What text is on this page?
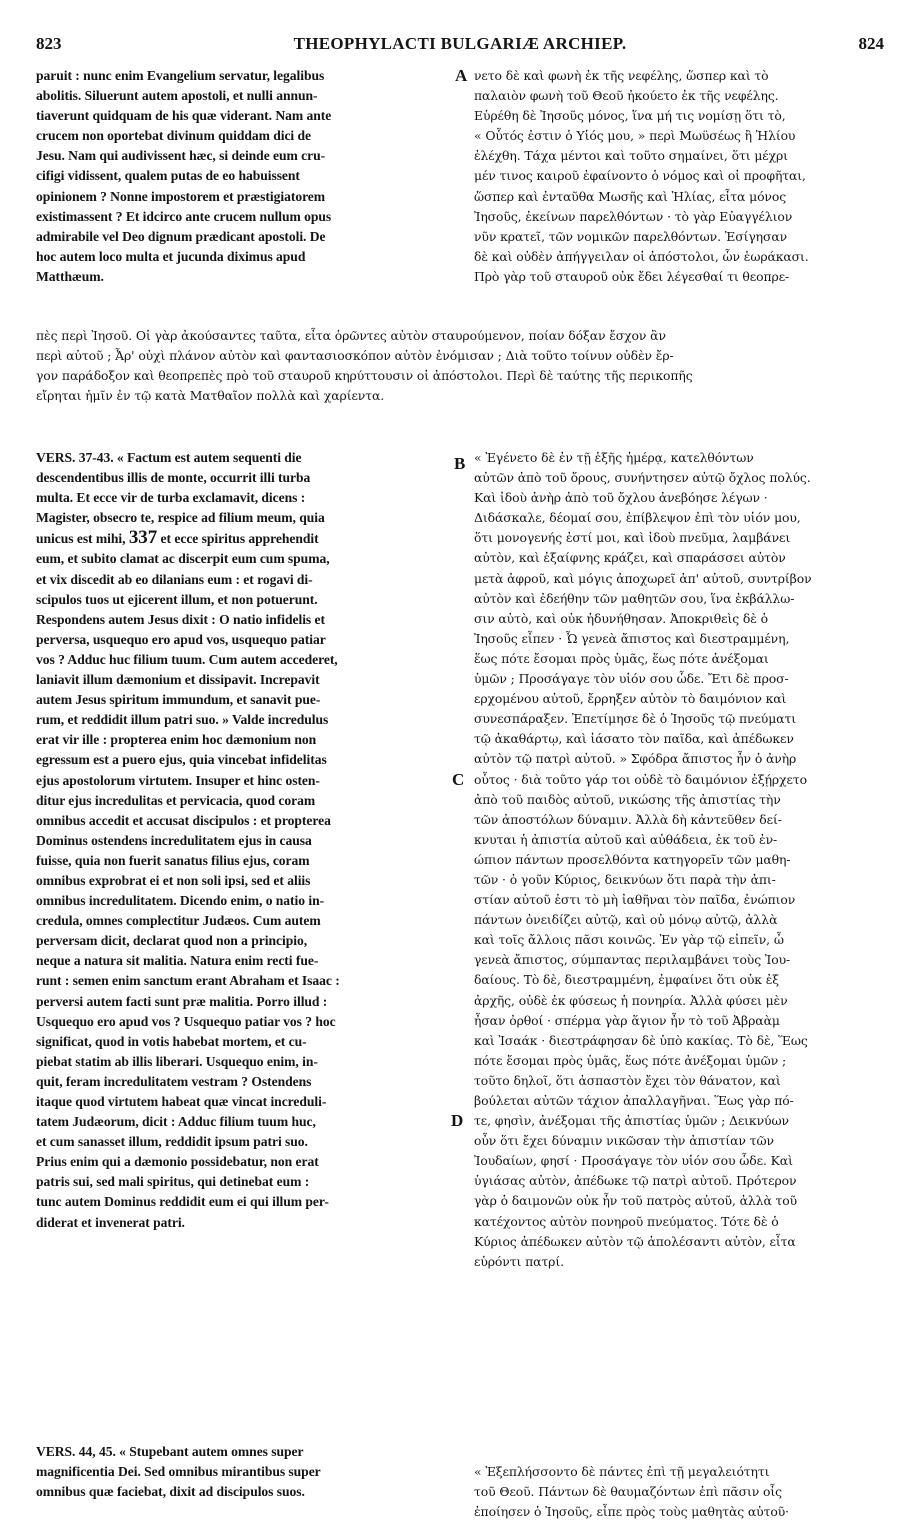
823	THEOPHYLACTI BULGARIÆ ARCHIEP.	824
A
B
C
D
paruit : nunc enim Evangelium servatur, legalibus
abolitis. Siluerunt autem apostoli, et nulli annun-
tiaverunt quidquam de his quæ viderant. Nam ante
crucem non oportebat divinum quiddam dici de
Jesu. Nam qui audivissent hæc, si deinde eum cru-
cifigi vidissent, qualem putas de eo habuissent
opinionem ? Nonne impostorem et præstigiatorem
existimassent ? Et idcirco ante crucem nullum opus
admirabile vel Deo dignum prædicant apostoli. De
hoc autem loco multa et jucunda diximus apud
Matthæum.
νετο δὲ καὶ φωνὴ ἐκ τῆς νεφέλης, ὥσπερ καὶ τὸ
παλαιὸν φωνὴ τοῦ Θεοῦ ἠκούετο ἐκ τῆς νεφέλης.
Εὑρέθη δὲ Ἰησοῦς μόνος, ἵνα μή τις νομίσῃ ὅτι τὸ,
« Οὗτός ἐστιν ὁ Υἱός μου, » περὶ Μωϋσέως ἢ Ἠλίου
ἐλέχθη. Τάχα μέντοι καὶ τοῦτο σημαίνει, ὅτι μέχρι
μέν τινος καιροῦ ἐφαίνοντο ὁ νόμος καὶ οἱ προφῆται,
ὥσπερ καὶ ἐνταῦθα Μωσῆς καὶ Ἠλίας, εἶτα μόνος
Ἰησοῦς, ἐκείνων παρελθόντων · τὸ γὰρ Εὐαγγέλιον
νῦν κρατεῖ, τῶν νομικῶν παρελθόντων. Ἐσίγησαν
δὲ καὶ οὐδὲν ἀπήγγειλαν οἱ ἀπόστολοι, ὧν ἑωράκασι.
Πρὸ γὰρ τοῦ σταυροῦ οὐκ ἔδει λέγεσθαί τι θεοπρε-
πὲς περὶ Ἰησοῦ. Οἱ γὰρ ἀκούσαντες ταῦτα, εἶτα ὁρῶντες αὐτὸν σταυρούμενον, ποίαν δόξαν ἔσχον ἂν
περὶ αὐτοῦ ; Ἆρ' οὐχὶ πλάνον αὐτὸν καὶ φαντασιοσκόπον αὐτὸν ἐνόμισαν ; Διὰ τοῦτο τοίνυν οὐδὲν ἔρ-
γον παράδοξον καὶ θεοπρεπὲς πρὸ τοῦ σταυροῦ κηρύττουσιν οἱ ἀπόστολοι. Περὶ δὲ ταύτης τῆς περικοπῆς
εἴρηται ἡμῖν ἐν τῷ κατὰ Ματθαῖον πολλὰ καὶ χαρίεντα.
VERS. 37-43. « Factum est autem sequenti die
descendentibus illis de monte, occurrit illi turba
multa. Et ecce vir de turba exclamavit, dicens :
Magister, obsecro te, respice ad filium meum, quia
unicus est mihi, 337 et ecce spiritus apprehendit
eum, et subito clamat ac discerpit eum cum spuma,
et vix discedit ab eo dilanians eum : et rogavi di-
scipulos tuos ut ejicerent illum, et non potuerunt.
Respondens autem Jesus dixit : O natio infidelis et
perversa, usquequo ero apud vos, usquequo patiar
vos ? Adduc huc filium tuum. Cum autem accederet,
laniavit illum dæmonium et dissipavit. Increpavit
autem Jesus spiritum immundum, et sanavit pue-
rum, et reddidit illum patri suo. » Valde incredulus
erat vir ille : propterea enim hoc dæmonium non
egressum est a puero ejus, quia vincebat infidelitas
ejus apostolorum virtutem. Insuper et hinc osten-
ditur ejus incredulitas et pervicacia, quod coram
omnibus accedit et accusat discipulos : et propterea
Dominus ostendens incredulitatem ejus in causa
fuisse, quia non fuerit sanatus filius ejus, coram
omnibus exprobrat ei et non soli ipsi, sed et aliis
omnibus incredulitatem. Dicendo enim, o natio in-
credula, omnes complectitur Judæos. Cum autem
perversam dicit, declarat quod non a principio,
neque a natura sit malitia. Natura enim recti fue-
runt : semen enim sanctum erant Abraham et Isaac :
perversi autem facti sunt præ malitia. Porro illud :
Usquequo ero apud vos ? Usquequo patiar vos ? hoc
significat, quod in votis habebat mortem, et cu-
piebat statim ab illis liberari. Usquequo enim, in-
quit, feram incredulitatem vestram ? Ostendens
itaque quod virtutem habeat quæ vincat increduli-
tatem Judæorum, dicit : Adduc filium tuum huc,
et cum sanasset illum, reddidit ipsum patri suo.
Prius enim qui a dæmonio possidebatur, non erat
patris sui, sed mali spiritus, qui detinebat eum :
tunc autem Dominus reddidit eum ei qui illum per-
diderat et invenerat patri.
« Ἐγένετο δὲ ἐν τῇ ἑξῆς ἡμέρᾳ, κατελθόντων
αὐτῶν ἀπὸ τοῦ ὄρους, συνήντησεν αὐτῷ ὄχλος πολύς.
Καὶ ἰδοὺ ἀνὴρ ἀπὸ τοῦ ὄχλου ἀνεβόησε λέγων ·
Διδάσκαλε, δέομαί σου, ἐπίβλεψον ἐπὶ τὸν υἱόν μου,
ὅτι μονογενής ἐστί μοι, καὶ ἰδοὺ πνεῦμα, λαμβάνει
αὐτὸν, καὶ ἐξαίφνης κράζει, καὶ σπαράσσει αὐτὸν
μετὰ ἀφροῦ, καὶ μόγις ἀποχωρεῖ ἀπ' αὐτοῦ, συντρίβον
αὐτὸν καὶ ἐδεήθην τῶν μαθητῶν σου, ἵνα ἐκβάλλω-
σιν αὐτὸ, καὶ οὐκ ἠδυνήθησαν. Ἀποκριθεὶς δὲ ὁ
Ἰησοῦς εἶπεν · Ὦ γενεὰ ἄπιστος καὶ διεστραμμένη,
ἕως πότε ἔσομαι πρὸς ὑμᾶς, ἕως πότε ἀνέξομαι
ὑμῶν ; Προσάγαγε τὸν υἱόν σου ὧδε. Ἔτι δὲ προσ-
ερχομένου αὐτοῦ, ἔρρηξεν αὐτὸν τὸ δαιμόνιον καὶ
συνεσπάραξεν. Ἐπετίμησε δὲ ὁ Ἰησοῦς τῷ πνεύματι
τῷ ἀκαθάρτῳ, καὶ ἰάσατο τὸν παῖδα, καὶ ἀπέδωκεν
αὐτὸν τῷ πατρὶ αὐτοῦ. » Σφόδρα ἄπιστος ἦν ὁ ἀνὴρ
οὗτος · διὰ τοῦτο γάρ τοι οὐδὲ τὸ δαιμόνιον ἐξῄρχετο
ἀπὸ τοῦ παιδὸς αὐτοῦ, νικώσης τῆς ἀπιστίας τὴν
τῶν ἀποστόλων δύναμιν. Ἀλλὰ δὴ κἀντεῦθεν δεί-
κνυται ἡ ἀπιστία αὐτοῦ καὶ αὐθάδεια, ἐκ τοῦ ἐν-
ώπιον πάντων προσελθόντα κατηγορεῖν τῶν μαθη-
τῶν · ὁ γοῦν Κύριος, δεικνύων ὅτι παρὰ τὴν ἀπι-
στίαν αὐτοῦ ἐστι τὸ μὴ ἰαθῆναι τὸν παῖδα, ἐνώπιον
πάντων ὀνειδίζει αὐτῷ, καὶ οὐ μόνῳ αὐτῷ, ἀλλὰ
καὶ τοῖς ἄλλοις πᾶσι κοινῶς. Ἐν γὰρ τῷ εἰπεῖν, ὦ
γενεὰ ἄπιστος, σύμπαντας περιλαμβάνει τοὺς Ἰου-
δαίους. Τὸ δὲ, διεστραμμένη, ἐμφαίνει ὅτι οὐκ ἐξ
ἀρχῆς, οὐδὲ ἐκ φύσεως ἡ πονηρία. Ἀλλὰ φύσει μὲν
ἦσαν ὀρθοί · σπέρμα γὰρ ἅγιον ἦν τὸ τοῦ Ἀβραὰμ
καὶ Ἰσαάκ · διεστράφησαν δὲ ὑπὸ κακίας. Τὸ δὲ, Ἕως
πότε ἔσομαι πρὸς ὑμᾶς, ἕως πότε ἀνέξομαι ὑμῶν ;
τοῦτο δηλοῖ, ὅτι ἀσπαστὸν ἔχει τὸν θάνατον, καὶ
βούλεται αὐτῶν τάχιον ἀπαλλαγῆναι. Ἕως γὰρ πό-
τε, φησὶν, ἀνέξομαι τῆς ἀπιστίας ὑμῶν ; Δεικνύων
οὖν ὅτι ἔχει δύναμιν νικῶσαν τὴν ἀπιστίαν τῶν
Ἰουδαίων, φησί · Προσάγαγε τὸν υἱόν σου ὧδε. Καὶ
ὑγιάσας αὐτὸν, ἀπέδωκε τῷ πατρὶ αὐτοῦ. Πρότερον
γὰρ ὁ δαιμονῶν οὐκ ἦν τοῦ πατρὸς αὐτοῦ, ἀλλὰ τοῦ
κατέχοντος αὐτὸν πονηροῦ πνεύματος. Τότε δὲ ὁ
Κύριος ἀπέδωκεν αὐτὸν τῷ ἀπολέσαντι αὐτὸν, εἶτα
εὑρόντι πατρί.
VERS. 44, 45. « Stupebant autem omnes super
magnificentia Dei. Sed omnibus mirantibus super
omnibus quæ faciebat, dixit ad discipulos suos.
« Ἐξεπλήσσοντο δὲ πάντες ἐπὶ τῇ μεγαλειότητι
τοῦ Θεοῦ. Πάντων δὲ θαυμαζόντων ἐπὶ πᾶσιν οἷς
ἐποίησεν ὁ Ἰησοῦς, εἶπε πρὸς τοὺς μαθητὰς αὐτοῦ·
